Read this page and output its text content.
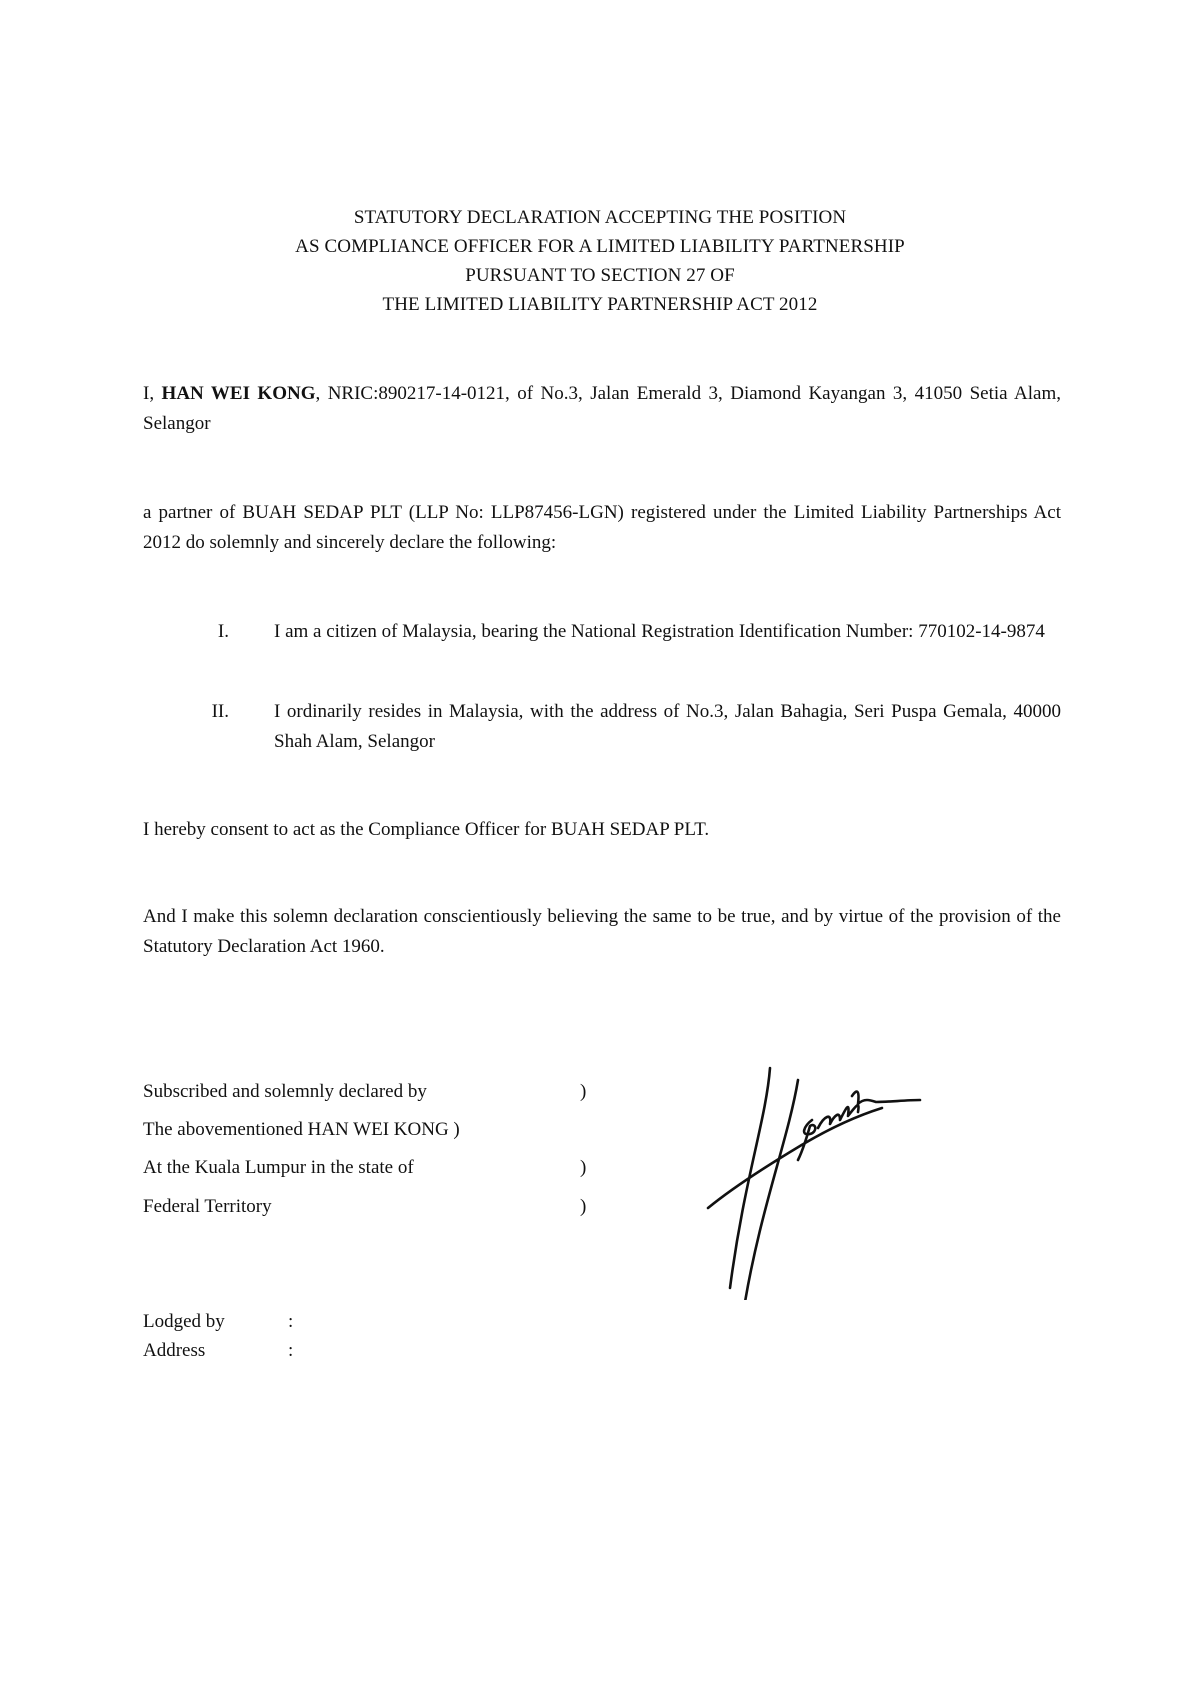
STATUTORY DECLARATION ACCEPTING THE POSITION
AS COMPLIANCE OFFICER FOR A LIMITED LIABILITY PARTNERSHIP
PURSUANT TO SECTION 27 OF
THE LIMITED LIABILITY PARTNERSHIP ACT 2012
I, HAN WEI KONG, NRIC:890217-14-0121, of No.3, Jalan Emerald 3, Diamond Kayangan 3, 41050 Setia Alam, Selangor
a partner of BUAH SEDAP PLT (LLP No: LLP87456-LGN) registered under the Limited Liability Partnerships Act 2012 do solemnly and sincerely declare the following:
I. I am a citizen of Malaysia, bearing the National Registration Identification Number: 770102-14-9874
II. I ordinarily resides in Malaysia, with the address of No.3, Jalan Bahagia, Seri Puspa Gemala, 40000 Shah Alam, Selangor
I hereby consent to act as the Compliance Officer for BUAH SEDAP PLT.
And I make this solemn declaration conscientiously believing the same to be true, and by virtue of the provision of the Statutory Declaration Act 1960.
Subscribed and solemnly declared by	)
The abovementioned HAN WEI KONG )
At the Kuala Lumpur in the state of	)
Federal Territory	)
Lodged by	:
Address	:
